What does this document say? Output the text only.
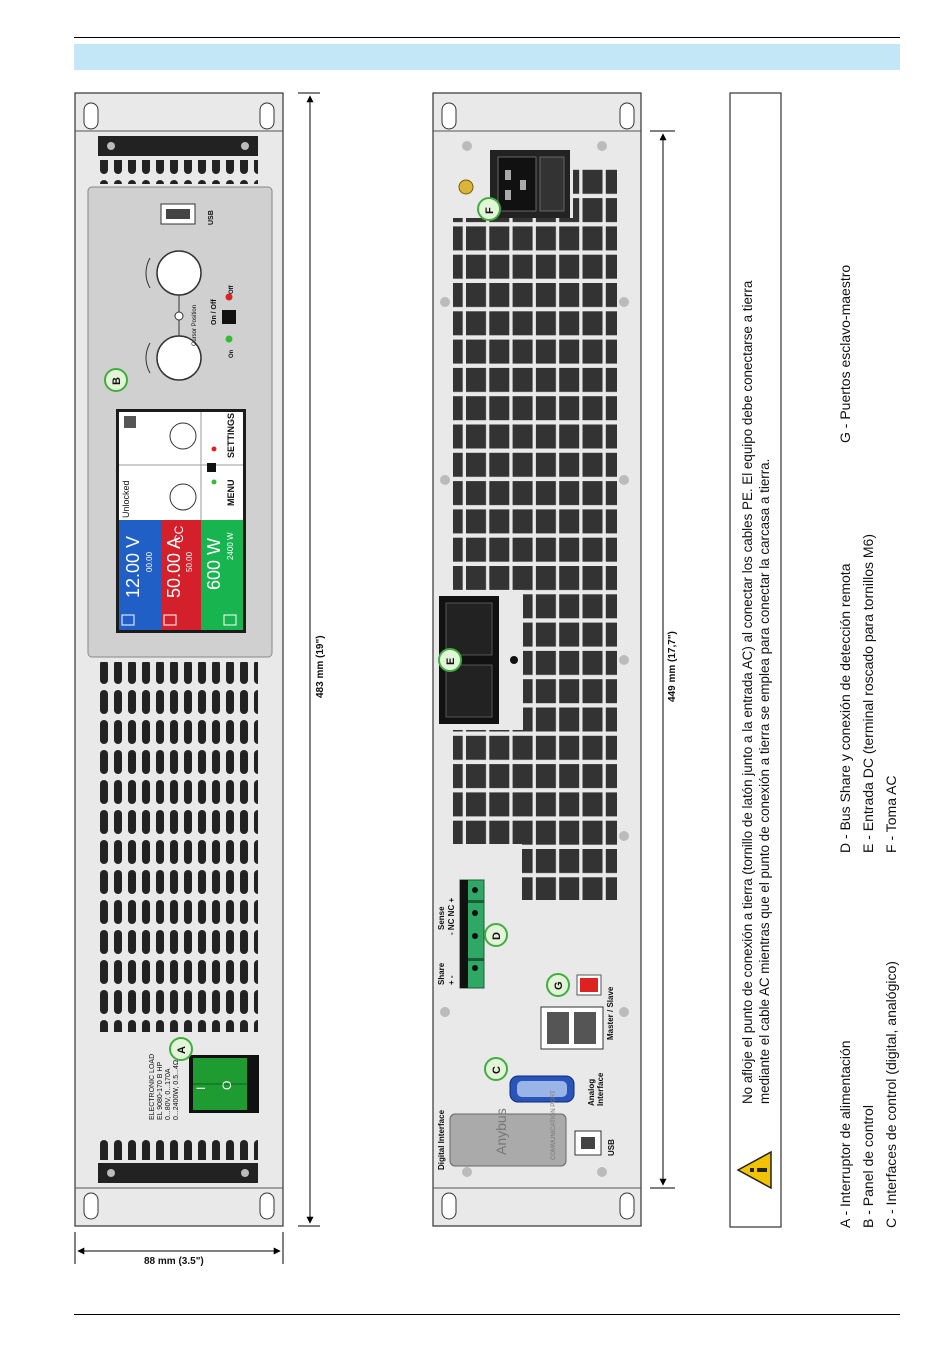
USB
Cursor Position On / Off
On
Off
Unlocked
12.00 V 00.00 50.00 A
CC
50.00 600 W 2400 W
MENU
SETTINGS
ELECTRONIC LOAD EL 9080-170 B HP 0...80V, 0...170A 0...2400W, 0.5...4Ω I O
Sense - NC NC +
Share + -
Master / Slave
Analog Interface
Digital Interface	Anybus	COMMUNICATION PORT	USB
88 mm (3.5")
483 mm (19")	449 mm (17,7")
A
B
C
D
E
F
G	No afloje el punto de conexión a tierra (tornillo de latón junto a la entrada AC) al conectar los cables PE. El equipo debe conectarse a tierra mediante el cable AC mientras que el punto de conexión a tierra se emplea para conectar la carcasa a tierra.
A - Interruptor de alimentación B - Panel de control C - Interfaces de control (digital, analógico)
D - Bus Share y conexión de detección remota E - Entrada DC (terminal roscado para tornillos M6) F - Toma AC
G - Puertos esclavo-maestro
